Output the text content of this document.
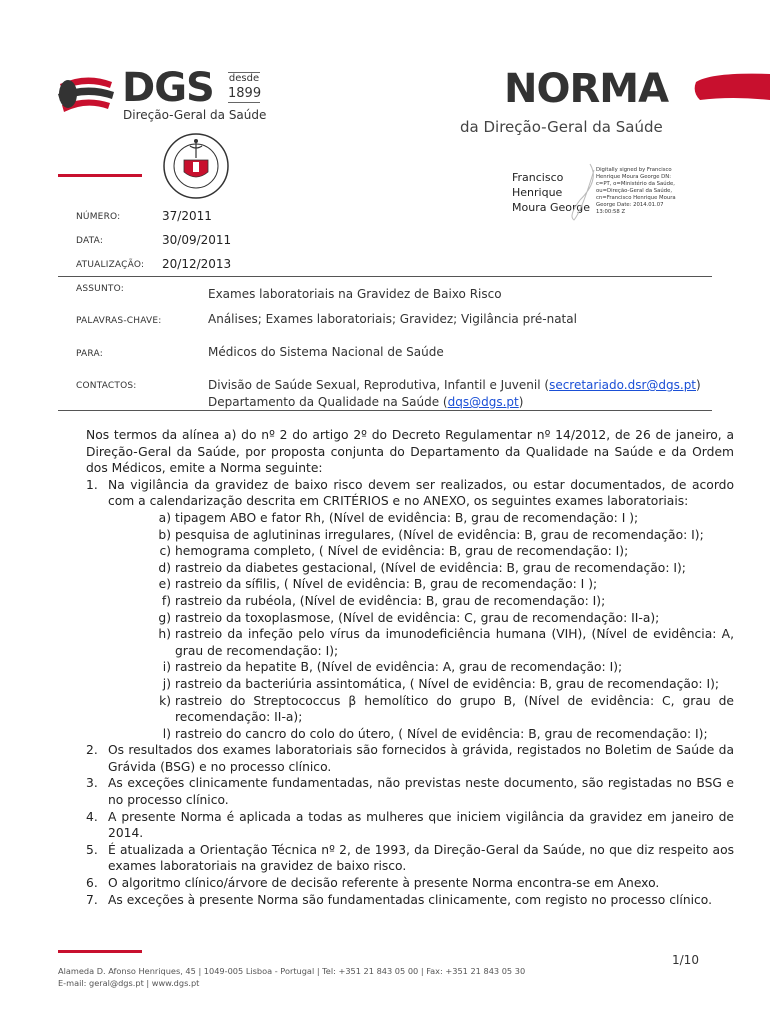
DGS desde
1899
Direção-Geral da Saúde
NORMA
da Direção-Geral da Saúde
Francisco Henrique Moura George
Digitally signed by Francisco Henrique Moura George DN: c=PT, o=Ministério da Saúde, ou=Direção-Geral da Saúde, cn=Francisco Henrique Moura George Date: 2014.01.07 13:00:58 Z
NÚMERO:	37/2011
DATA:	30/09/2011
ATUALIZAÇÃO: 20/12/2013
ASSUNTO:	Exames laboratoriais na Gravidez de Baixo Risco
PALAVRAS-CHAVE:	Análises; Exames laboratoriais; Gravidez; Vigilância pré-natal
PARA:	Médicos do Sistema Nacional de Saúde
CONTACTOS:	Divisão de Saúde Sexual, Reprodutiva, Infantil e Juvenil (secretariado.dsr@dgs.pt)
Departamento da Qualidade na Saúde (dqs@dgs.pt)

Nos termos da alínea a) do nº 2 do artigo 2º do Decreto Regulamentar nº 14/2012, de 26 de janeiro, a Direção-Geral da Saúde, por proposta conjunta do Departamento da Qualidade na Saúde e da Ordem dos Médicos, emite a Norma seguinte:

1. Na vigilância da gravidez de baixo risco devem ser realizados, ou estar documentados, de acordo com a calendarização descrita em CRITÉRIOS e no ANEXO, os seguintes exames laboratoriais:
a) tipagem ABO e fator Rh, (Nível de evidência: B, grau de recomendação: I );
b) pesquisa de aglutininas irregulares, (Nível de evidência: B, grau de recomendação: I);
c) hemograma completo, ( Nível de evidência: B, grau de recomendação: I);
d) rastreio da diabetes gestacional, (Nível de evidência: B, grau de recomendação: I);
e) rastreio da sífilis, ( Nível de evidência: B, grau de recomendação: I );
f) rastreio da rubéola, (Nível de evidência: B, grau de recomendação: I);
g) rastreio da toxoplasmose, (Nível de evidência: C, grau de recomendação: II-a);
h) rastreio da infeção pelo vírus da imunodeficiência humana (VIH), (Nível de evidência: A, grau de recomendação: I);
i) rastreio da hepatite B, (Nível de evidência: A, grau de recomendação: I);
j) rastreio da bacteriúria assintomática, ( Nível de evidência: B, grau de recomendação: I);
k) rastreio do Streptococcus β hemolítico do grupo B, (Nível de evidência: C, grau de recomendação: II-a);
l) rastreio do cancro do colo do útero, ( Nível de evidência: B, grau de recomendação: I);
2. Os resultados dos exames laboratoriais são fornecidos à grávida, registados no Boletim de Saúde da Grávida (BSG) e no processo clínico.
3. As exceções clinicamente fundamentadas, não previstas neste documento, são registadas no BSG e no processo clínico.
4. A presente Norma é aplicada a todas as mulheres que iniciem vigilância da gravidez em janeiro de 2014.
5. É atualizada a Orientação Técnica nº 2, de 1993, da Direção-Geral da Saúde, no que diz respeito aos exames laboratoriais na gravidez de baixo risco.
6. O algoritmo clínico/árvore de decisão referente à presente Norma encontra-se em Anexo.
7. As exceções à presente Norma são fundamentadas clinicamente, com registo no processo clínico.
1/10
Alameda D. Afonso Henriques, 45 | 1049-005 Lisboa - Portugal | Tel: +351 21 843 05 00 | Fax: +351 21 843 05 30
E-mail: geral@dgs.pt | www.dgs.pt
